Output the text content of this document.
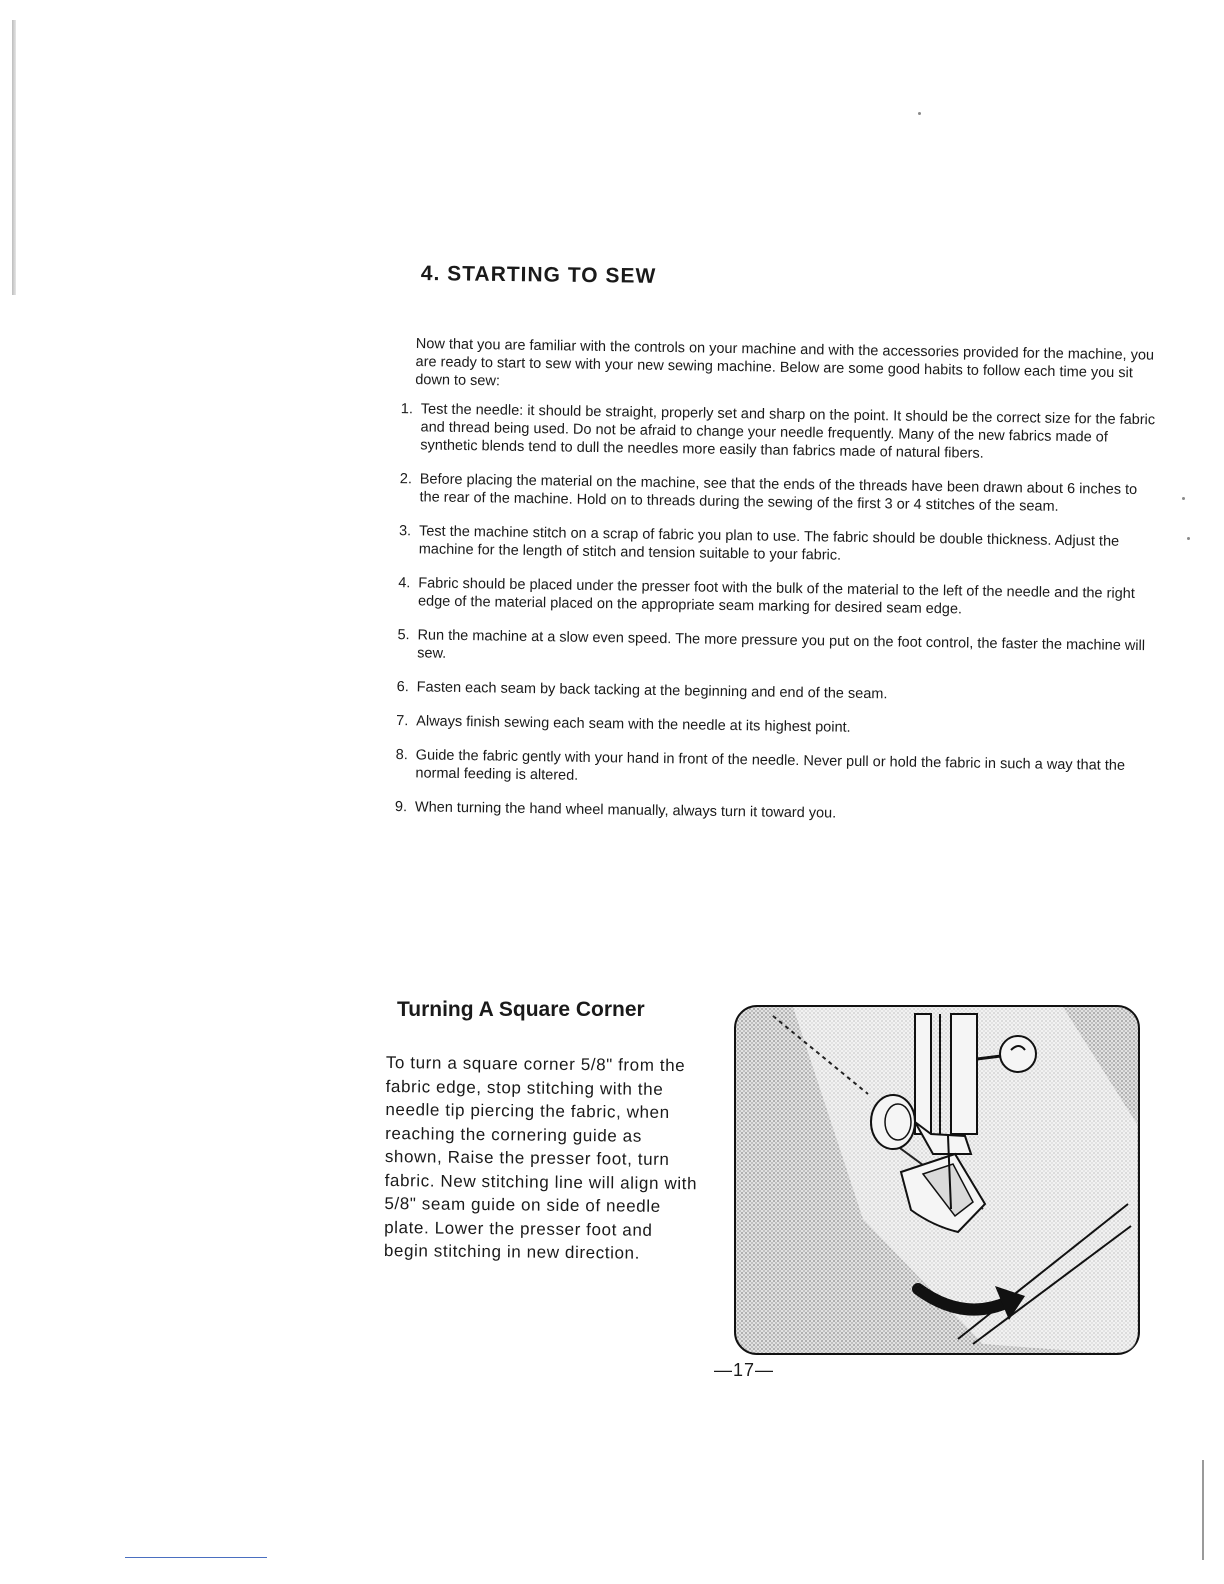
4. STARTING TO SEW

Now that you are familiar with the controls on your machine and with the accessories provided for the machine, you are ready to start to sew with your new sewing machine. Below are some good habits to follow each time you sit down to sew:

1. Test the needle: it should be straight, properly set and sharp on the point. It should be the correct size for the fabric and thread being used. Do not be afraid to change your needle frequently. Many of the new fabrics made of synthetic blends tend to dull the needles more easily than fabrics made of natural fibers.
2. Before placing the material on the machine, see that the ends of the threads have been drawn about 6 inches to the rear of the machine. Hold on to threads during the sewing of the first 3 or 4 stitches of the seam.
3. Test the machine stitch on a scrap of fabric you plan to use. The fabric should be double thickness. Adjust the machine for the length of stitch and tension suitable to your fabric.
4. Fabric should be placed under the presser foot with the bulk of the material to the left of the needle and the right edge of the material placed on the appropriate seam marking for desired seam edge.
5. Run the machine at a slow even speed. The more pressure you put on the foot control, the faster the machine will sew.
6. Fasten each seam by back tacking at the beginning and end of the seam.
7. Always finish sewing each seam with the needle at its highest point.
8. Guide the fabric gently with your hand in front of the needle. Never pull or hold the fabric in such a way that the normal feeding is altered.
9. When turning the hand wheel manually, always turn it toward you.
Turning A Square Corner

To turn a square corner 5/8" from the fabric edge, stop stitching with the needle tip piercing the fabric, when reaching the cornering guide as shown, Raise the presser foot, turn fabric. New stitching line will align with 5/8" seam guide on side of needle plate. Lower the presser foot and begin stitching in new direction.

—17—
